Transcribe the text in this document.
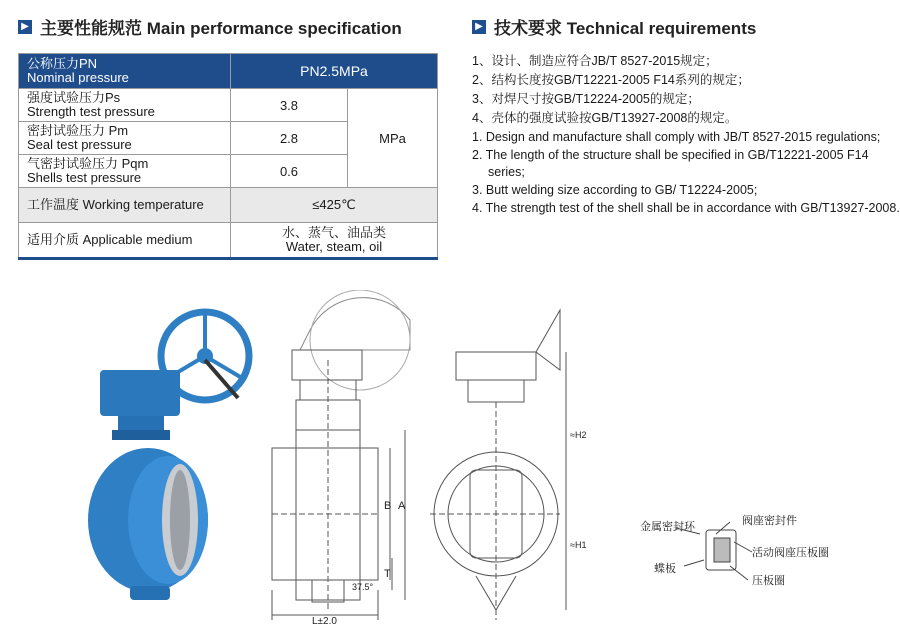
▶ 主要性能规范 Main performance specification	▶ 技术要求 Technical requirements
公称压力PN
Nominal pressure	PN2.5MPa	

强度试验压力Ps
Strength test pressure	3.8	MPa

密封试验压力 Pm
Seal test pressure	2.8	

气密封试验压力 Pqm
Shells test pressure	0.6	
工作温度 Working temperature	≤425℃	
适用介质 Applicable medium	水、蒸气、油品类
Water, steam, oil	
1、设计、制造应符合JB/T 8527-2015规定；
2、结构长度按GB/T12221-2005 F14系列的规定；
3、对焊尺寸按GB/T12224-2005的规定；
4、壳体的强度试验按GB/T13927-2008的规定。
1. Design and manufacture shall comply with JB/T 8527-2015 regulations;
2. The length of the structure shall be specified in GB/T12221-2005 F14 series;
3. Butt welding size according to GB/ T12224-2005;
4. The strength test of the shell shall be in accordance with GB/T13927-2008.
B A
T
37.5°
L±2.0
≈H1
≈H2
金属密封环	阀座密封件
活动阀座压板圈
蝶板
压板圈
